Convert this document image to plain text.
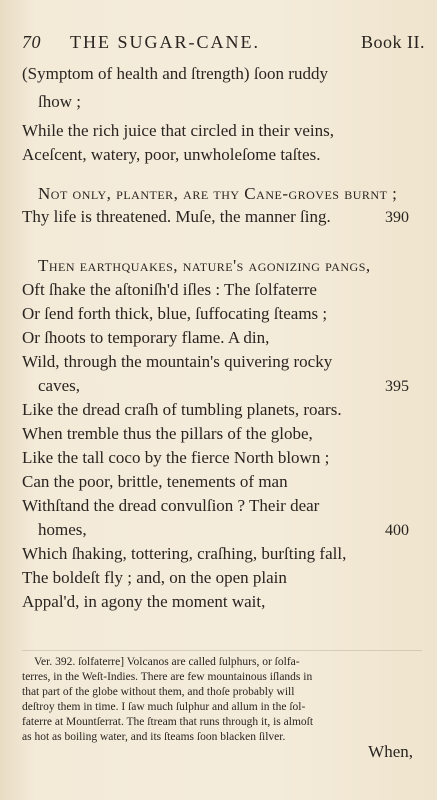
70 THE SUGAR-CANE.	Book II.
(Symptom of health and ſtrength) ſoon ruddy
ſhow ;
While the rich juice that circled in their veins,
Aceſcent, watery, poor, unwholeſome taſtes.
Not only, planter, are thy Cane-groves burnt ;
Thy life is threatened. Muſe, the manner ſing.	390
Then earthquakes, nature's agonizing pangs,
Oft ſhake the aſtoniſh'd iſles : The ſolfaterre
Or ſend forth thick, blue, ſuffocating ſteams ;
Or ſhoots to temporary flame. A din,
Wild, through the mountain's quivering rocky
caves,	395
Like the dread craſh of tumbling planets, roars.
When tremble thus the pillars of the globe,
Like the tall coco by the fierce North blown ;
Can the poor, brittle, tenements of man
Withſtand the dread convulſion ? Their dear
homes,	400
Which ſhaking, tottering, craſhing, burſting fall,
The boldeſt fly ; and, on the open plain
Appal'd, in agony the moment wait,
Ver. 392. ſolfaterre] Volcanos are called ſulphurs, or ſolfa-
terres, in the Weſt-Indies. There are few mountainous iſlands in
that part of the globe without them, and thoſe probably will
deſtroy them in time. I ſaw much ſulphur and allum in the ſol-
faterre at Mountſerrat. The ſtream that runs through it, is almoſt
as hot as boiling water, and its ſteams ſoon blacken ſilver.
When,
